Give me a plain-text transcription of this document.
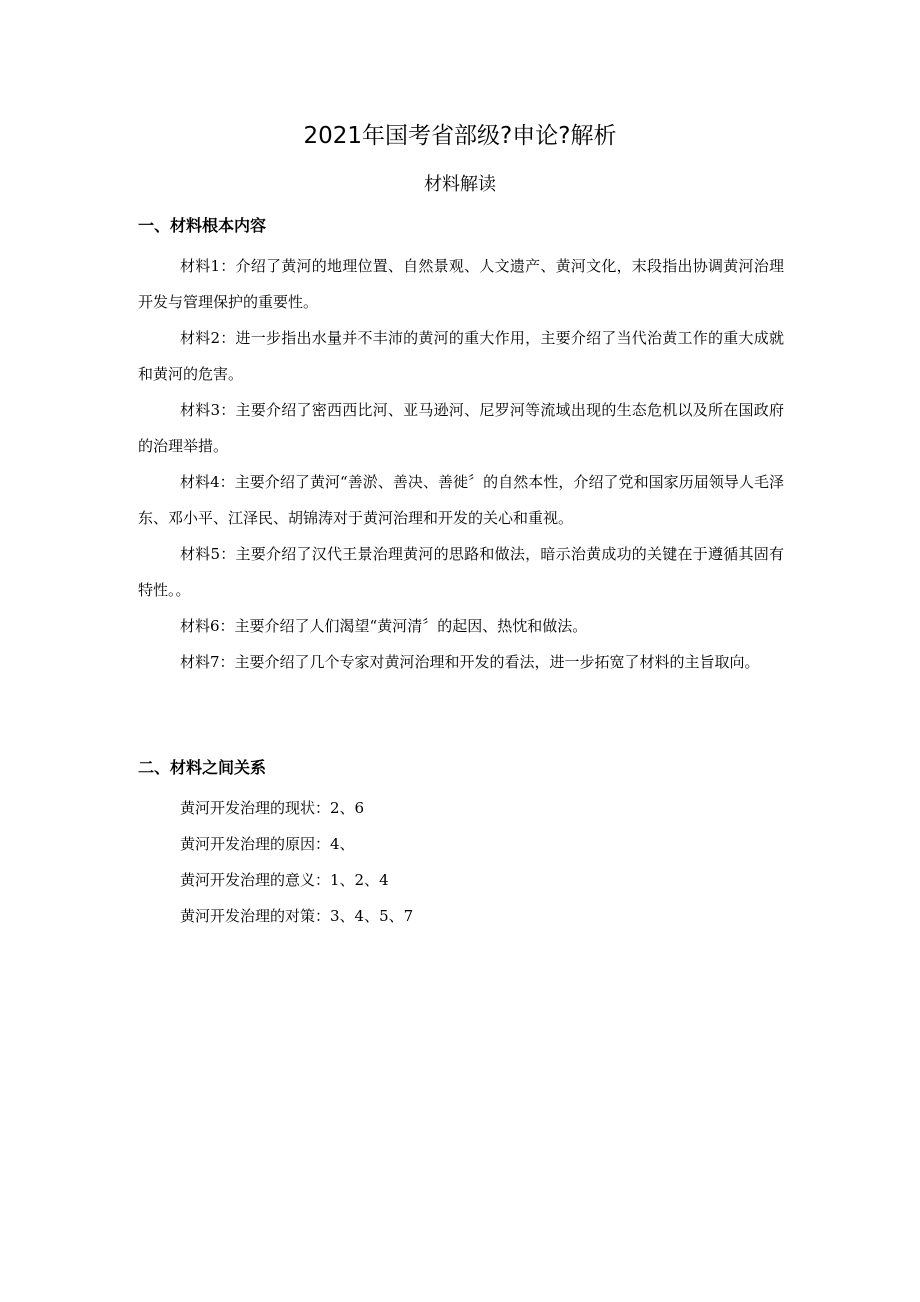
2021年国考省部级?申论?解析
材料解读
一、材料根本内容

材料1：介绍了黄河的地理位置、自然景观、人文遗产、黄河文化，末段指出协调黄河治理开发与管理保护的重要性。

材料2：进一步指出水量并不丰沛的黄河的重大作用，主要介绍了当代治黄工作的重大成就和黄河的危害。

材料3：主要介绍了密西西比河、亚马逊河、尼罗河等流域出现的生态危机以及所在国政府的治理举措。

材料4：主要介绍了黄河“善淤、善决、善徙〞的自然本性，介绍了党和国家历届领导人毛泽东、邓小平、江泽民、胡锦涛对于黄河治理和开发的关心和重视。

材料5：主要介绍了汉代王景治理黄河的思路和做法，暗示治黄成功的关键在于遵循其固有特性。。

材料6：主要介绍了人们渴望“黄河清〞的起因、热忱和做法。

材料7：主要介绍了几个专家对黄河治理和开发的看法，进一步拓宽了材料的主旨取向。

二、材料之间关系

黄河开发治理的现状：2、6

黄河开发治理的原因：4、

黄河开发治理的意义：1、2、4

黄河开发治理的对策：3、4、5、7
